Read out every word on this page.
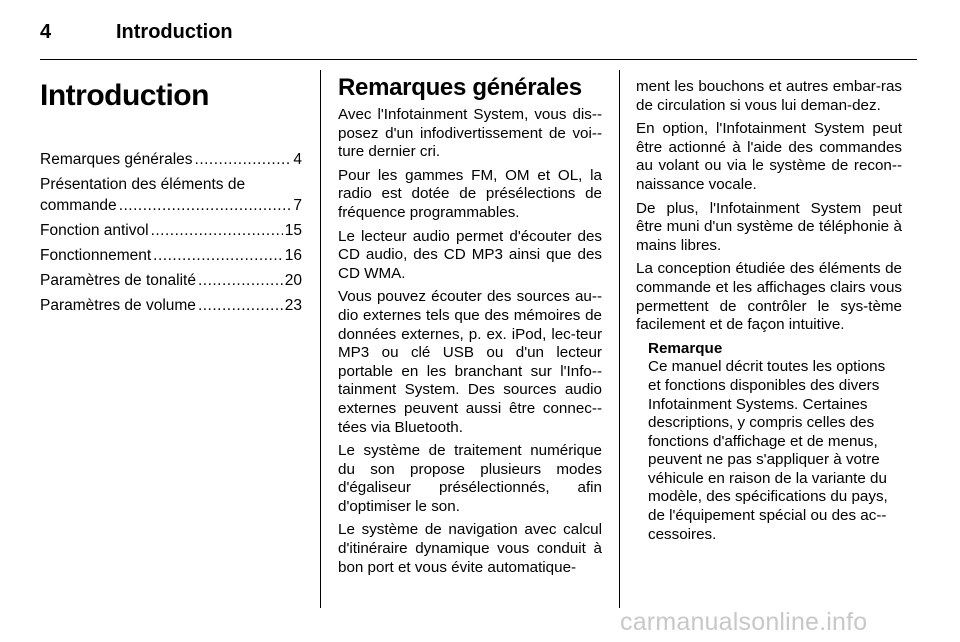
4	Introduction
Introduction
Remarques générales .....	4
Présentation des éléments de
commande .....	7
Fonction antivol .....	15
Fonctionnement .....	16
Paramètres de tonalité .....	20
Paramètres de volume .....	23
Remarques générales

Avec l'Infotainment System, vous dis-posez d'un infodivertissement de voi-ture dernier cri.

Pour les gammes FM, OM et OL, la radio est dotée de présélections de fréquence programmables.

Le lecteur audio permet d'écouter des CD audio, des CD MP3 ainsi que des CD WMA.

Vous pouvez écouter des sources au-dio externes tels que des mémoires de données externes, p. ex. iPod, lec-teur MP3 ou clé USB ou d'un lecteur portable en les branchant sur l'Info-tainment System. Des sources audio externes peuvent aussi être connec-tées via Bluetooth.

Le système de traitement numérique du son propose plusieurs modes d'égaliseur présélectionnés, afin d'optimiser le son.

Le système de navigation avec calcul d'itinéraire dynamique vous conduit à bon port et vous évite automatique-

ment les bouchons et autres embar-ras de circulation si vous lui deman-dez.

En option, l'Infotainment System peut être actionné à l'aide des commandes au volant ou via le système de recon-naissance vocale.

De plus, l'Infotainment System peut être muni d'un système de téléphonie à mains libres.

La conception étudiée des éléments de commande et les affichages clairs vous permettent de contrôler le sys-tème facilement et de façon intuitive.

Remarque

Ce manuel décrit toutes les options et fonctions disponibles des divers Infotainment Systems. Certaines descriptions, y compris celles des fonctions d'affichage et de menus, peuvent ne pas s'appliquer à votre véhicule en raison de la variante du modèle, des spécifications du pays, de l'équipement spécial ou des ac-cessoires.

carmanualsonline.info
